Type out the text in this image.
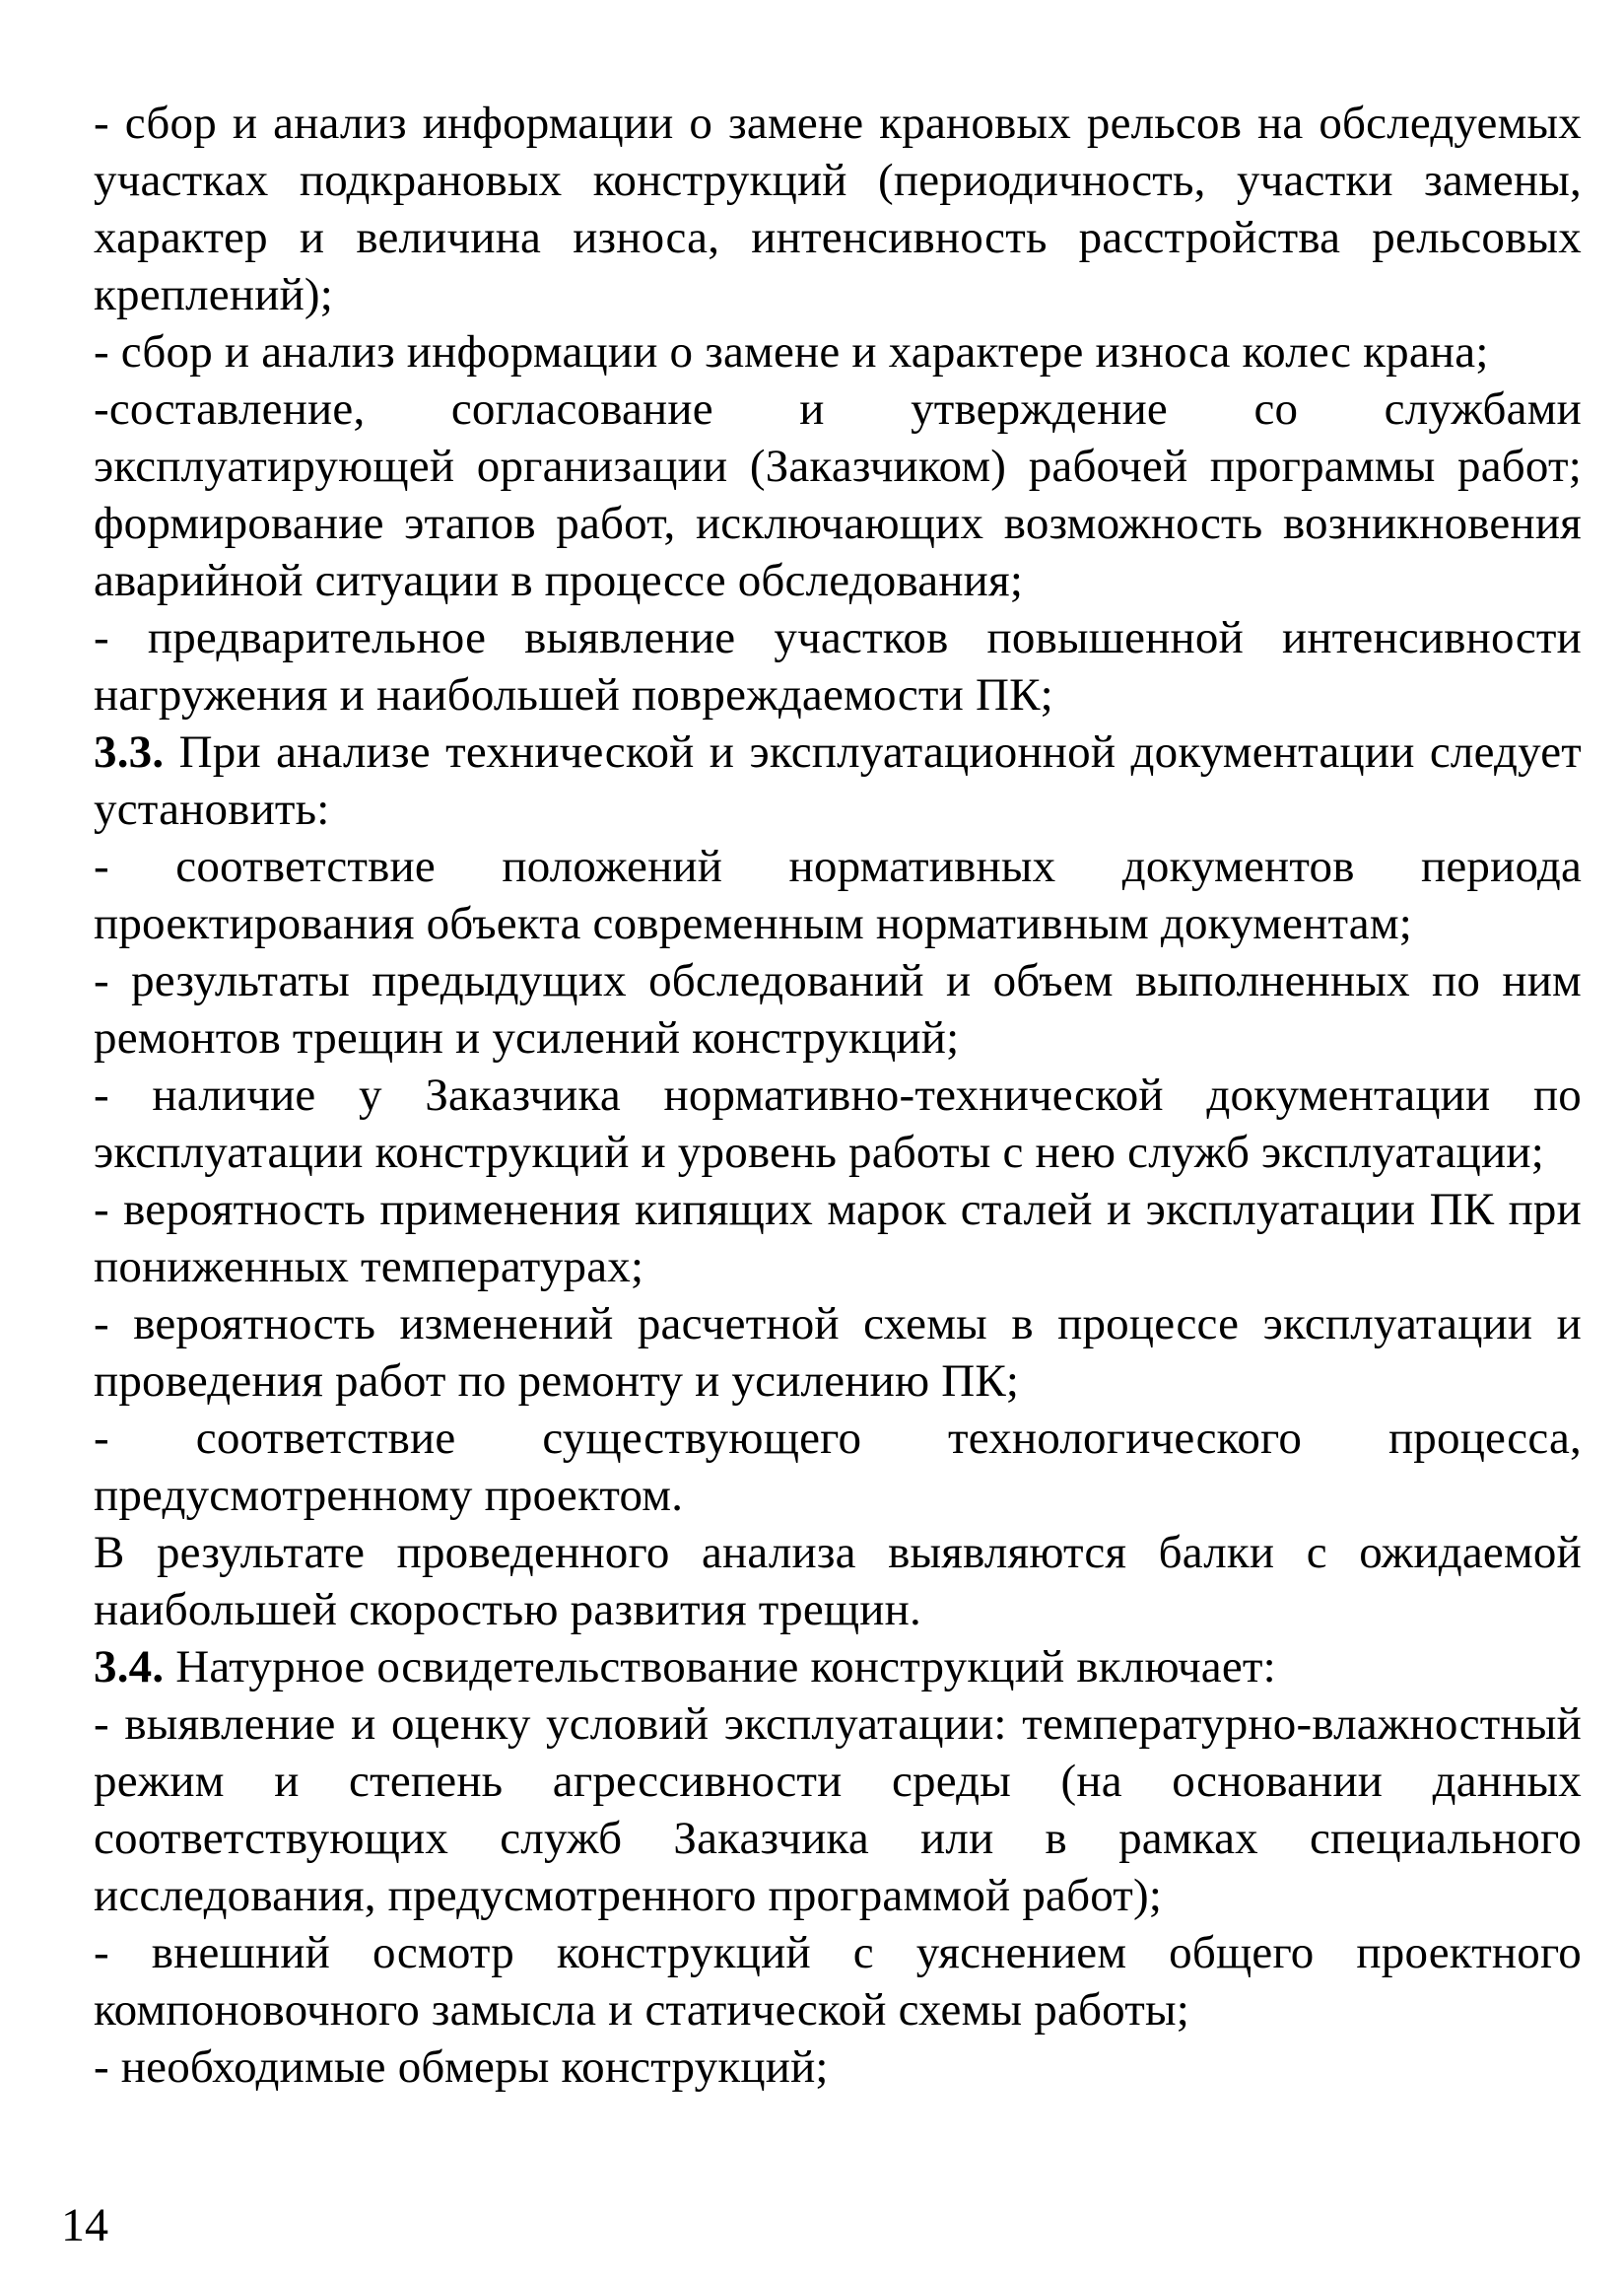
- сбор и анализ информации о замене крановых рельсов на обследуемых участках подкрановых конструкций (периодичность, участки замены, характер и величина износа, интенсивность расстройства рельсовых креплений);

- сбор и анализ информации о замене и характере износа колес крана;

-составление, согласование и утверждение со службами эксплуатирующей организации (Заказчиком) рабочей программы работ; формирование этапов работ, исключающих возможность возникновения аварийной ситуации в процессе обследования;

- предварительное выявление участков повышенной интенсивности нагружения и наибольшей повреждаемости ПК;

3.3. При анализе технической и эксплуатационной документации следует установить:

- соответствие положений нормативных документов периода проектирования объекта современным нормативным документам;

- результаты предыдущих обследований и объем выполненных по ним ремонтов трещин и усилений конструкций;

- наличие у Заказчика нормативно-технической документации по эксплуатации конструкций и уровень работы с нею служб эксплуатации;

- вероятность применения кипящих марок сталей и эксплуатации ПК при пониженных температурах;

- вероятность изменений расчетной схемы в процессе эксплуатации и проведения работ по ремонту и усилению ПК;

- соответствие существующего технологического процесса, предусмотренному проектом.

В результате проведенного анализа выявляются балки с ожидаемой наибольшей скоростью развития трещин.

3.4. Натурное освидетельствование конструкций включает:

- выявление и оценку условий эксплуатации: температурно-влажностный режим и степень агрессивности среды (на основании данных соответствующих служб Заказчика или в рамках специального исследования, предусмотренного программой работ);

- внешний осмотр конструкций с уяснением общего проектного компоновочного замысла и статической схемы работы;

- необходимые обмеры конструкций;

14
